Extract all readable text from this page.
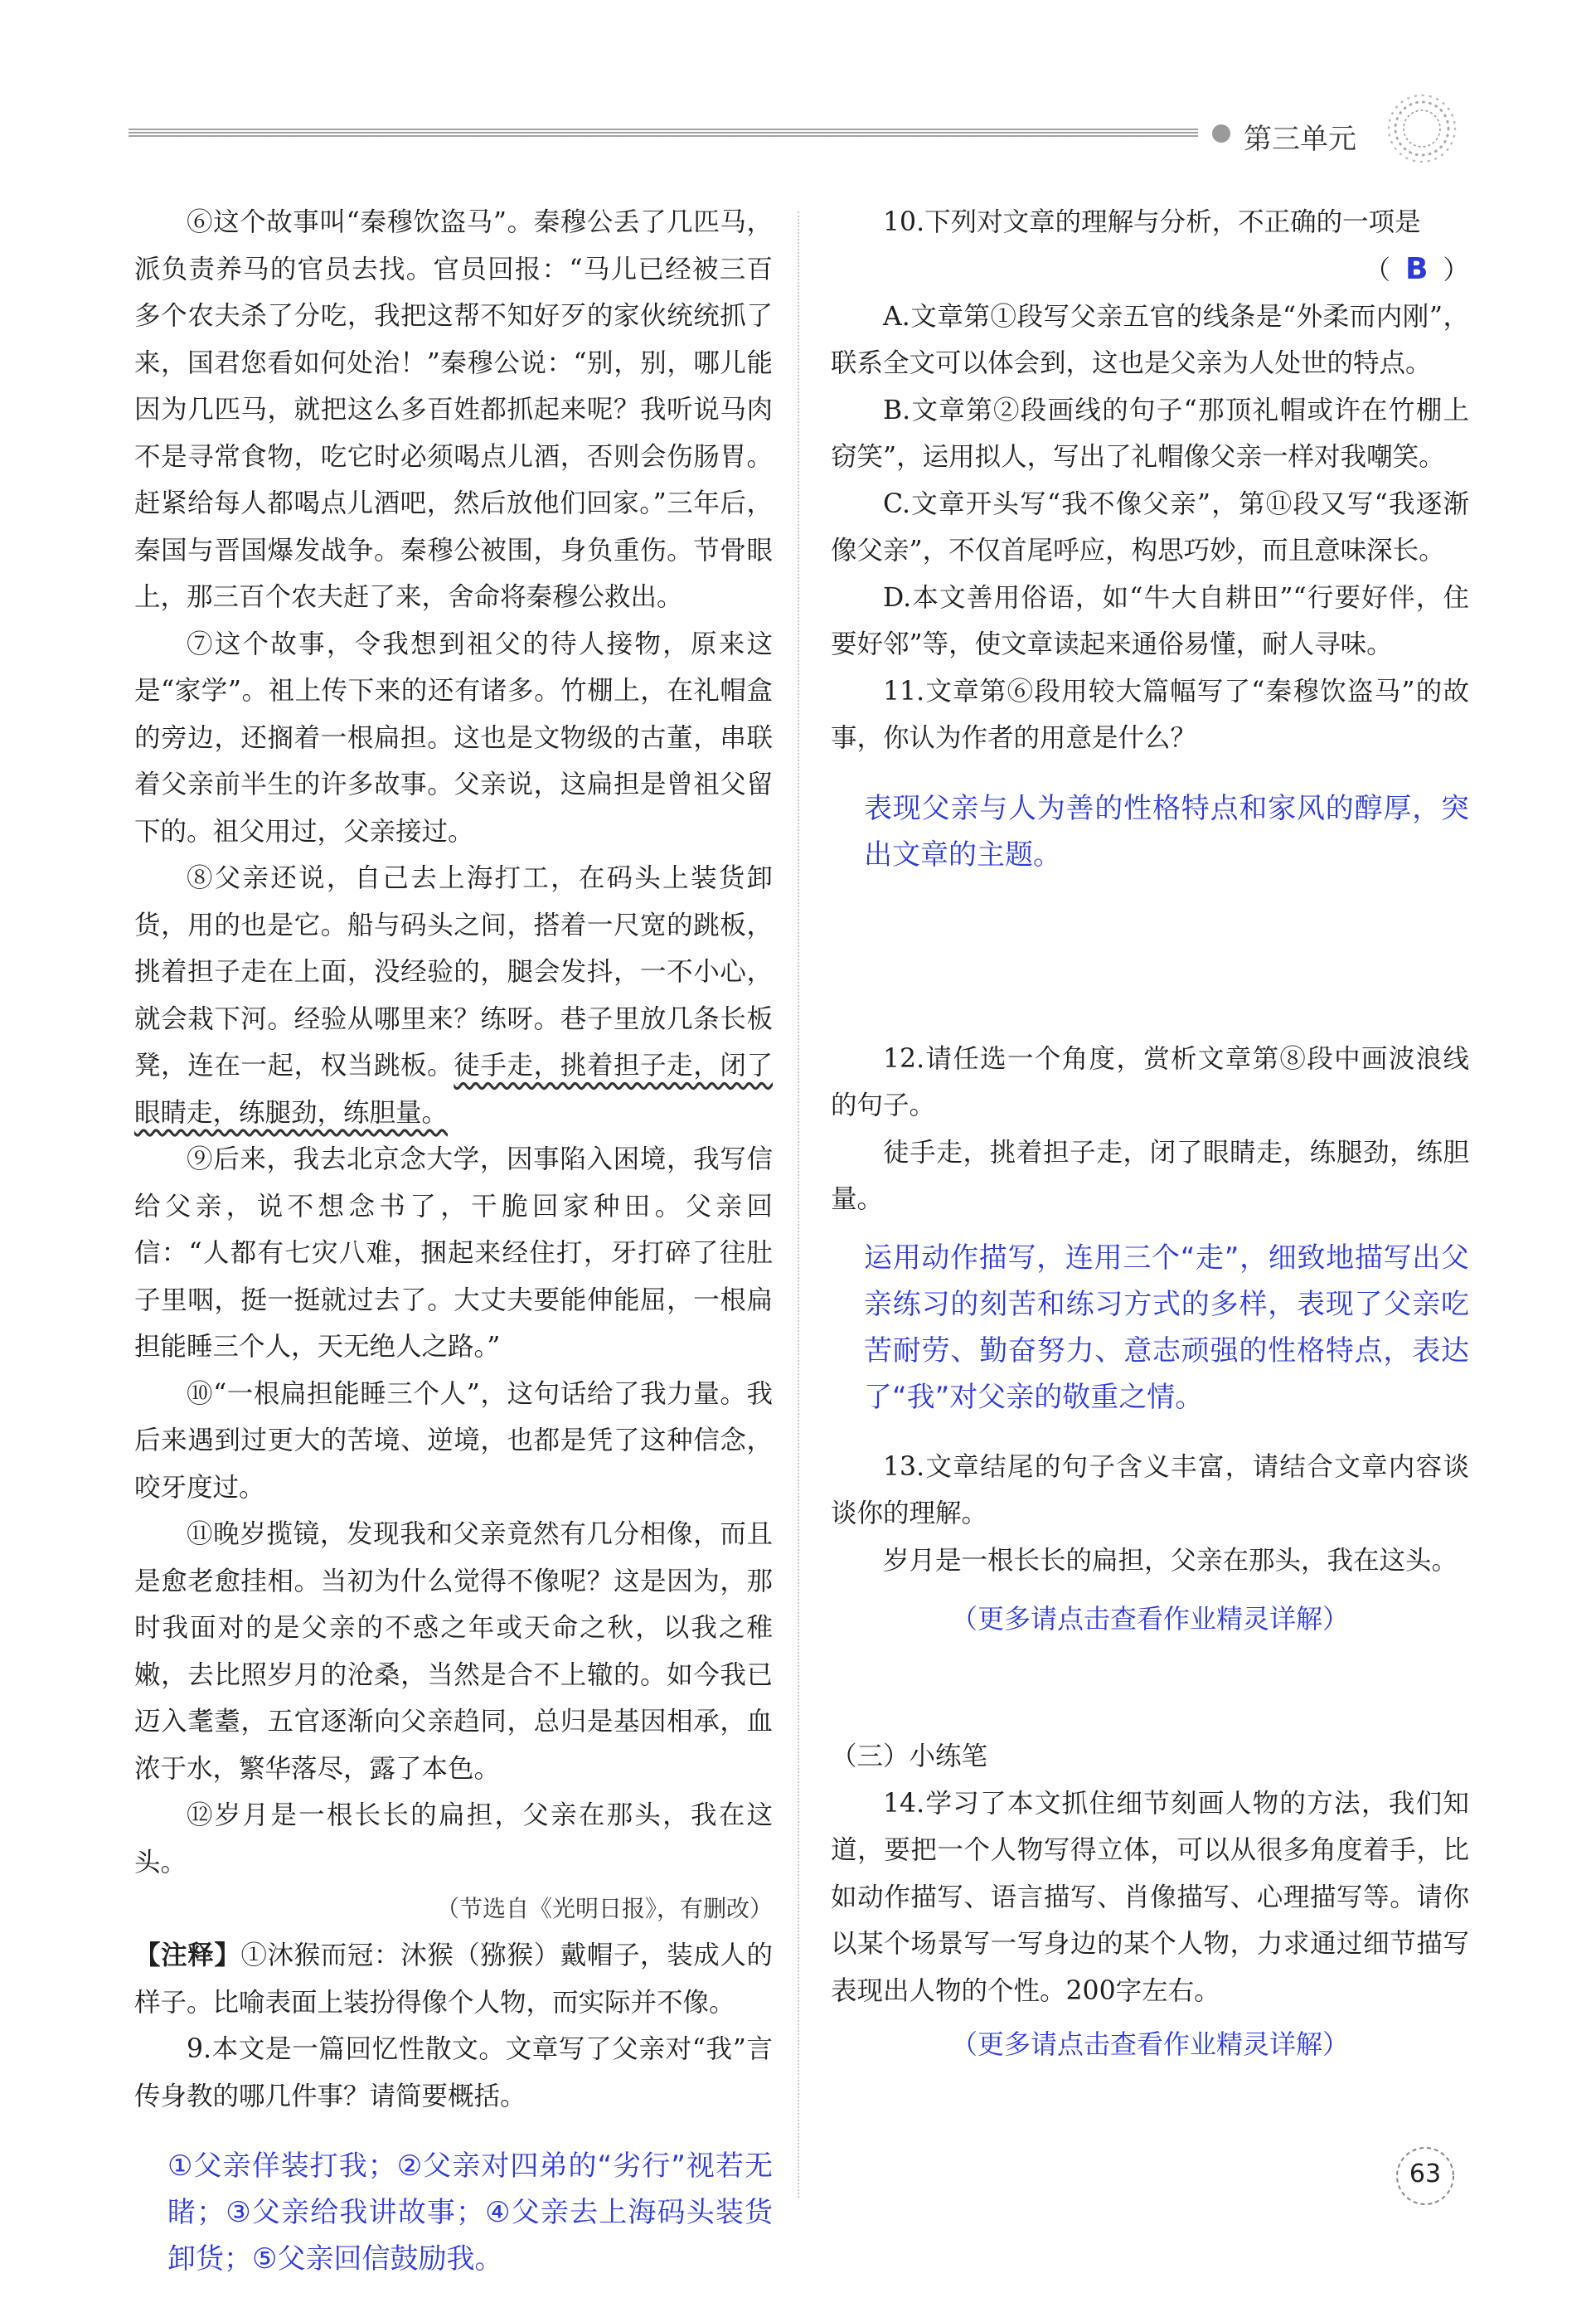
第三单元

⑥这个故事叫“秦穆饮盗马”。秦穆公丢了几匹马，派负责养马的官员去找。官员回报：“马儿已经被三百多个农夫杀了分吃，我把这帮不知好歹的家伙统统抓了来，国君您看如何处治！”秦穆公说：“别，别，哪儿能因为几匹马，就把这么多百姓都抓起来呢？我听说马肉不是寻常食物，吃它时必须喝点儿酒，否则会伤肠胃。赶紧给每人都喝点儿酒吧，然后放他们回家。”三年后，秦国与晋国爆发战争。秦穆公被围，身负重伤。节骨眼上，那三百个农夫赶了来，舍命将秦穆公救出。

⑦这个故事，令我想到祖父的待人接物，原来这是“家学”。祖上传下来的还有诸多。竹棚上，在礼帽盒的旁边，还搁着一根扁担。这也是文物级的古董，串联着父亲前半生的许多故事。父亲说，这扁担是曾祖父留下的。祖父用过，父亲接过。

⑧父亲还说，自己去上海打工，在码头上装货卸货，用的也是它。船与码头之间，搭着一尺宽的跳板，挑着担子走在上面，没经验的，腿会发抖，一不小心，就会栽下河。经验从哪里来？练呀。巷子里放几条长板凳，连在一起，权当跳板。徒手走，挑着担子走，闭了眼睛走，练腿劲，练胆量。

⑨后来，我去北京念大学，因事陷入困境，我写信给父亲，说不想念书了，干脆回家种田。父亲回信：“人都有七灾八难，捆起来经住打，牙打碎了往肚子里咽，挺一挺就过去了。大丈夫要能伸能屈，一根扁担能睡三个人，天无绝人之路。”

⑩“一根扁担能睡三个人”，这句话给了我力量。我后来遇到过更大的苦境、逆境，也都是凭了这种信念，咬牙度过。

⑪晚岁揽镜，发现我和父亲竟然有几分相像，而且是愈老愈挂相。当初为什么觉得不像呢？这是因为，那时我面对的是父亲的不惑之年或天命之秋，以我之稚嫩，去比照岁月的沧桑，当然是合不上辙的。如今我已迈入耄耋，五官逐渐向父亲趋同，总归是基因相承，血浓于水，繁华落尽，露了本色。

⑫岁月是一根长长的扁担，父亲在那头，我在这头。

（节选自《光明日报》，有删改）

【注释】①沐猴而冠：沐猴（猕猴）戴帽子，装成人的样子。比喻表面上装扮得像个人物，而实际并不像。

9.本文是一篇回忆性散文。文章写了父亲对“我”言传身教的哪几件事？请简要概括。

①父亲佯装打我；②父亲对四弟的“劣行”视若无睹；③父亲给我讲故事；④父亲去上海码头装货卸货；⑤父亲回信鼓励我。

10.下列对文章的理解与分析，不正确的一项是

（ B ）

A.文章第①段写父亲五官的线条是“外柔而内刚”，联系全文可以体会到，这也是父亲为人处世的特点。

B.文章第②段画线的句子“那顶礼帽或许在竹棚上窃笑”，运用拟人，写出了礼帽像父亲一样对我嘲笑。

C.文章开头写“我不像父亲”，第⑪段又写“我逐渐像父亲”，不仅首尾呼应，构思巧妙，而且意味深长。

D.本文善用俗语，如“牛大自耕田”“行要好伴，住要好邻”等，使文章读起来通俗易懂，耐人寻味。

11.文章第⑥段用较大篇幅写了“秦穆饮盗马”的故事，你认为作者的用意是什么？

表现父亲与人为善的性格特点和家风的醇厚，突出文章的主题。

12.请任选一个角度，赏析文章第⑧段中画波浪线的句子。

徒手走，挑着担子走，闭了眼睛走，练腿劲，练胆量。

运用动作描写，连用三个“走”，细致地描写出父亲练习的刻苦和练习方式的多样，表现了父亲吃苦耐劳、勤奋努力、意志顽强的性格特点，表达了“我”对父亲的敬重之情。

13.文章结尾的句子含义丰富，请结合文章内容谈谈你的理解。

岁月是一根长长的扁担，父亲在那头，我在这头。

（更多请点击查看作业精灵详解）

（三）小练笔

14.学习了本文抓住细节刻画人物的方法，我们知道，要把一个人物写得立体，可以从很多角度着手，比如动作描写、语言描写、肖像描写、心理描写等。请你以某个场景写一写身边的某个人物，力求通过细节描写表现出人物的个性。200字左右。

（更多请点击查看作业精灵详解）

63
